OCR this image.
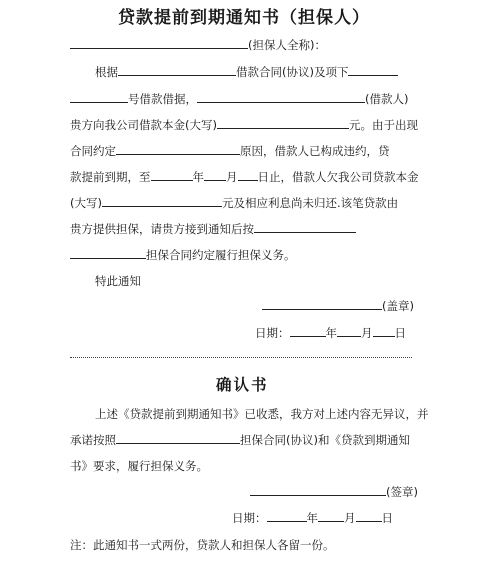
贷款提前到期通知书（担保人）
(担保人全称)：
根据	借款合同(协议)及项下
号借款借据，	(借款人)
贵方向我公司借款本金(大写)	元。由于出现
合同约定	原因，借款人已构成违约，贷
款提前到期，至	年 月 日止，借款人欠我公司贷款本金
(大写)	元及相应利息尚未归还.该笔贷款由
贵方提供担保，请贵方接到通知后按
担保合同约定履行担保义务。
特此通知
(盖章)
日期：	年 月 日
确认书
上述《贷款提前到期通知书》已收悉，我方对上述内容无异议，并
承诺按照	担保合同(协议)和《贷款到期通知
书》要求，履行担保义务。
(签章)
日期：	年 月 日
注：此通知书一式两份，贷款人和担保人各留一份。
